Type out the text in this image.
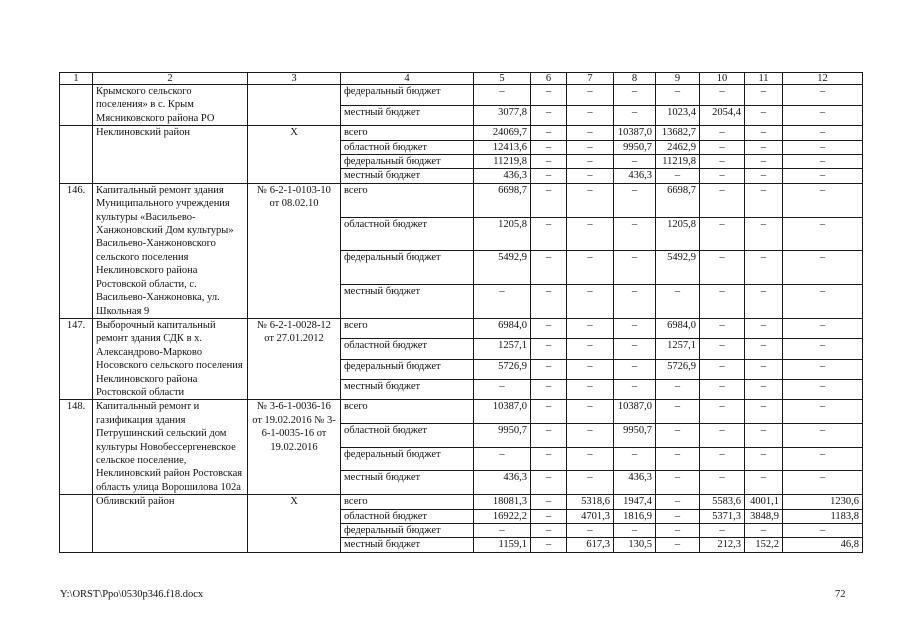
1	2	3	4	5	6	7	8	9	10	11	12
	Крымского сельского поселения» в с. Крым Мясниковского района РО		федеральный бюджет	–	–	–	–	–	–	–	–
			местный бюджет	3077,8	–	–	–	1023,4	2054,4	–	–
	Неклиновский район	Х	всего	24069,7	–	–	10387,0	13682,7	–	–	–
			областной бюджет	12413,6	–	–	9950,7	2462,9	–	–	–
			федеральный бюджет	11219,8	–	–	–	11219,8	–	–	–
			местный бюджет	436,3	–	–	436,3	–	–	–	–
146.	Капитальный ремонт здания Муниципального учреждения культуры «Васильево-Ханжоновский Дом культуры» Васильево-Ханжоновского сельского поселения Неклиновского района Ростовской области, с. Васильево-Ханжоновка, ул. Школьная 9	№ 6-2-1-0103-10 от 08.02.10	всего	6698,7	–	–	–	6698,7	–	–	–
			областной бюджет	1205,8	–	–	–	1205,8	–	–	–
			федеральный бюджет	5492,9	–	–	–	5492,9	–	–	–
			местный бюджет	–	–	–	–	–	–	–	–
147.	Выборочный капитальный ремонт здания СДК в х. Александрово-Марково Носовского сельского поселения Неклиновского района Ростовской области	№ 6-2-1-0028-12 от 27.01.2012	всего	6984,0	–	–	–	6984,0	–	–	–
			областной бюджет	1257,1	–	–	–	1257,1	–	–	–
			федеральный бюджет	5726,9	–	–	–	5726,9	–	–	–
			местный бюджет	–	–	–	–	–	–	–	–
148.	Капитальный ремонт и газификация здания Петрушинский сельский дом культуры Новобессергеневское сельское поселение, Неклиновский район Ростовская область улица Ворошилова 102а	№ 3-6-1-0036-16 от 19.02.2016 № 3-6-1-0035-16 от 19.02.2016	всего	10387,0	–	–	10387,0	–	–	–	–
			областной бюджет	9950,7	–	–	9950,7	–	–	–	–
			федеральный бюджет	–	–	–	–	–	–	–	–
			местный бюджет	436,3	–	–	436,3	–	–	–	–
	Обливский район	Х	всего	18081,3	–	5318,6	1947,4	–	5583,6	4001,1	1230,6
			областной бюджет	16922,2	–	4701,3	1816,9	–	5371,3	3848,9	1183,8
			федеральный бюджет	–	–	–	–	–	–	–	–
			местный бюджет	1159,1	–	617,3	130,5	–	212,3	152,2	46,8
Y:\ORST\Ppo\0530p346.f18.docx	72
